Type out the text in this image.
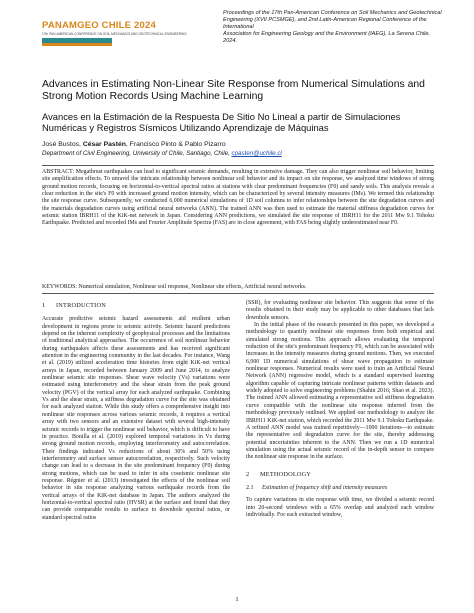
PANAMGEO CHILE 2024
17th PAN-AMERICAN CONFERENCE ON SOIL MECHANICS AND GEOTECHNICAL ENGINEERING
Proceedings of the 17th Pan-American Conference on Soil Mechanics and Geotechnical
Engineering (XVII PCSMGE), and 2nd Latin-American Regional Conference of the International
Association for Engineering Geology and the Environment (IAEG), La Serena Chile, 2024.
Advances in Estimating Non-Linear Site Response from Numerical Simulations and Strong Motion Records Using Machine Learning
Avances en la Estimación de la Respuesta De Sitio No Lineal a partir de Simulaciones Numéricas y Registros Sísmicos Utilizando Aprendizaje de Máquinas
José Bustos, César Pastén, Francisco Pinto & Pablo Pizarro
Department of Civil Engineering, University of Chile, Santiago, Chile, cpasten@uchile.cl
ABSTRACT: Megathrust earthquakes can lead to significant seismic demands, resulting in extensive damage. They can also trigger nonlinear soil behavior, limiting site amplification effects. To unravel the intricate relationship between nonlinear soil behavior and its impact on site response, we analyzed time windows of strong ground motion records, focusing on horizontal-to-vertical spectral ratios at stations with clear predominant frequencies (F0) and sandy soils. This analysis reveals a clear reduction in the site's F0 with increased ground motion intensity, which can be characterized by several intensity measures (IMs). We termed this relationship the site response curve. Subsequently, we conducted 6,000 numerical simulations of 1D soil columns to infer relationships between the site degradation curves and the materials degradation curves using artificial neural networks (ANN). The trained ANN was then used to estimate the material stiffness degradation curves for seismic station IBRH11 of the KiK-net network in Japan. Considering ANN predictions, we simulated the site response of IBRH11 for the 2011 Mw 9.1 Tohoku Earthquake. Predicted and recorded IMs and Fourier Amplitude Spectra (FAS) are in close agreement, with FAS being slightly underestimated near F0.
KEYWORDS: Numerical simulation, Nonlinear soil response, Nonlinear site effects, Artificial neural networks.
1 INTRODUCTION

Accurate predictive seismic hazard assessments aid resilient urban development in regions prone to seismic activity. Seismic hazard predictions depend on the inherent complexity of geophysical processes and the limitations of traditional analytical approaches. The occurrence of soil nonlinear behavior during earthquakes affects these assessments and has received significant attention in the engineering community in the last decades. For instance, Wang et al. (2019) utilized acceleration time histories from eight KiK-net vertical arrays in Japan, recorded between January 2009 and June 2014, to analyze nonlinear seismic site responses. Shear wave velocity (Vs) variations were estimated using interferometry and the shear strain from the peak ground velocity (PGV) of the vertical array for each analyzed earthquake. Combining Vs and the shear strain, a stiffness degradation curve for the site was obtained for each analyzed station. While this study offers a comprehensive insight into nonlinear site responses across various seismic records, it requires a vertical array with two sensors and an extensive dataset with several high-intensity seismic records to trigger the nonlinear soil behavior, which is difficult to have in practice. Bonilla et al. (2019) explored temporal variations in Vs during strong ground motion records, employing interferometry and autocorrelation. Their findings indicated Vs reductions of about 30% and 50% using interferometry and surface sensor autocorrelation, respectively. Such velocity change can lead to a decrease in the site predominant frequency (F0) during strong motions, which can be used to infer in situ coseismic nonlinear site response. Régnier et al. (2013) investigated the effects of the nonlinear soil behavior in site response analyzing various earthquake records from the vertical arrays of the KiK-net database in Japan. The authors analyzed the horizontal-to-vertical spectral ratio (HVSR) at the surface and found that they can provide comparable results to surface to downhole spectral ratios, or standard spectral ratios

(SSR), for evaluating nonlinear site behavior. This suggests that some of the results obtained in their study may be applicable to other databases that lack downhole sensors.

In the initial phase of the research presented in this paper, we developed a methodology to quantify nonlinear site responses from both empirical and simulated strong motions. This approach allows evaluating the temporal reduction of the site's predominant frequency F0, which can be associated with increases in the intensity measures during ground motions. Then, we executed 6,000 1D numerical simulations of shear wave propagation to estimate nonlinear responses. Numerical results were used to train an Artificial Neural Network (ANN) regressive model, which is a standard supervised learning algorithm capable of capturing intricate nonlinear patterns within datasets and widely adopted to solve engineering problems (Shahin 2016; Shao et al. 2023). The trained ANN allowed estimating a representative soil stiffness degradation curve compatible with the nonlinear site response inferred from the methodology previously outlined. We applied our methodology to analyze the IBRH11 KiK-net station, which recorded the 2011 Mw 9.1 Tohoku Earthquake. A refined ANN model was trained repetitively—1000 iterations—to estimate the representative soil degradation curve for the site, thereby addressing potential uncertainties inherent to the ANN. Then we run a 1D numerical simulation using the actual seismic record of the in-depth sensor to compare the nonlinear site response in the surface.

2 METHODOLOGY
2.1 Estimation of frequency shift and intensity measures

To capture variations in site response with time, we divided a seismic record into 20-second windows with a 65% overlap and analyzed each window individually. For each extracted window,

1
